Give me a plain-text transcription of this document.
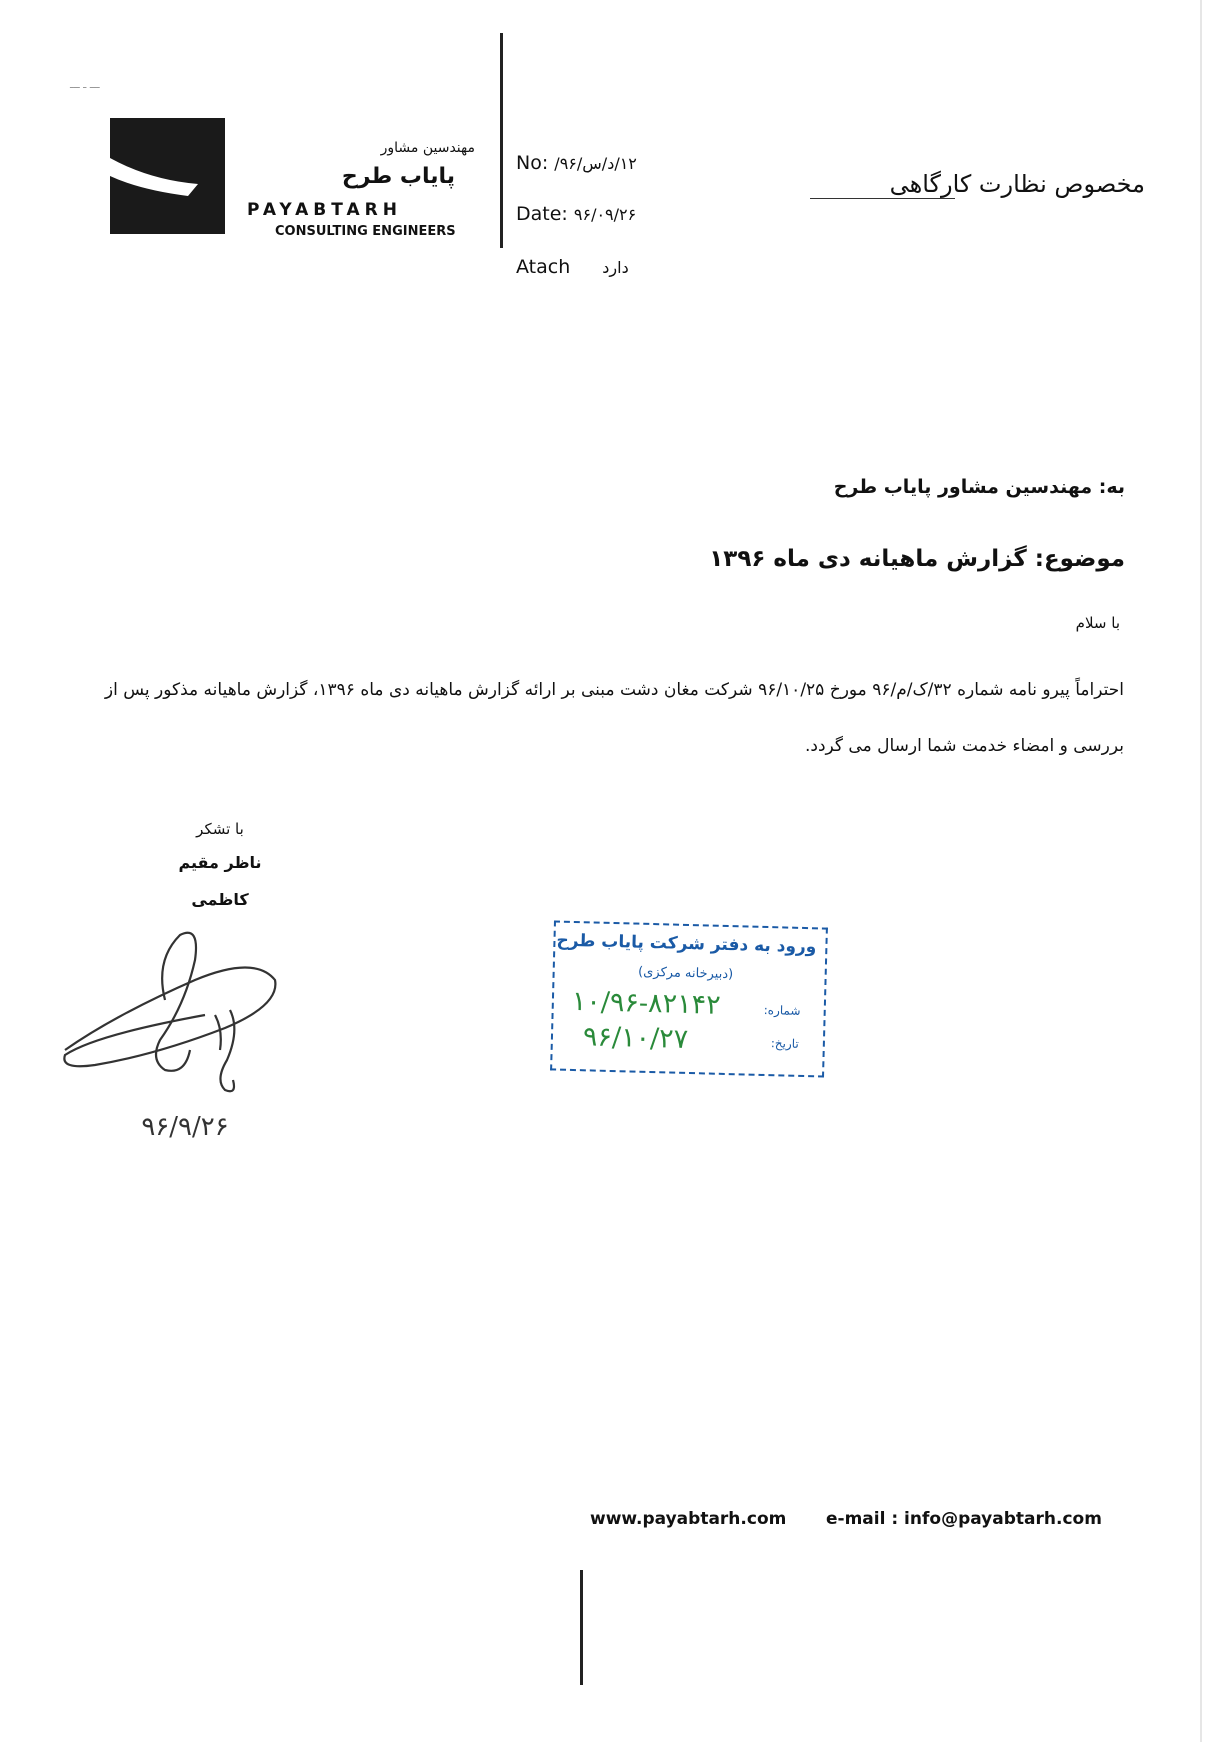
ـــ ـ ـــ
مهندسین مشاور
پایاب طرح
PAYABTARH
CONSULTING ENGINEERS
No: ۱۲/د/س/۹۶/
Date: ۹۶/۰۹/۲۶
Atach دارد
مخصوص نظارت کارگاهی
به: مهندسین مشاور پایاب طرح
موضوع: گزارش ماهیانه دی ماه ۱۳۹۶
با سلام
احتراماً پیرو نامه شماره ۳۲/ک/م/۹۶ مورخ ۹۶/۱۰/۲۵ شرکت مغان دشت مبنی بر ارائه گزارش ماهیانه دی ماه ۱۳۹۶، گزارش ماهیانه مذکور پس از بررسی و امضاء خدمت شما ارسال می گردد.
با تشکر
ناظر مقیم
کاظمی
۹۶/۹/۲۶
ورود به دفتر شرکت پایاب طرح
(دبیرخانه مرکزی)
شماره:
۱۰/۹۶-۸۲۱۴۲
تاریخ:
۹۶/۱۰/۲۷
www.payabtarh.com e-mail : info@payabtarh.com
